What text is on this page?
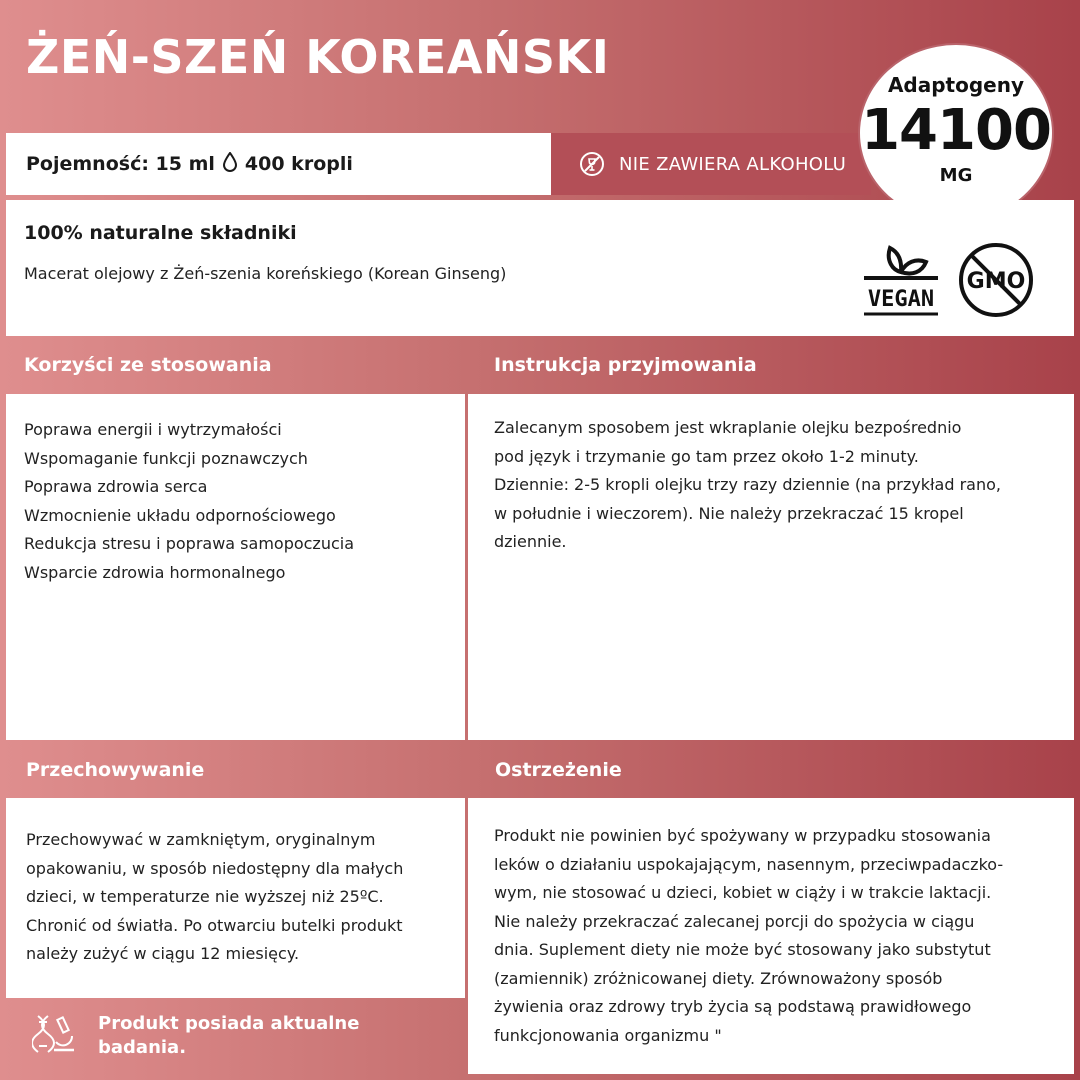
ŻEŃ-SZEŃ KOREAŃSKI
Pojemność: 15 ml 400 kropli	NIE ZAWIERA ALKOHOLU
Adaptogeny
14100
MG
100% naturalne składniki

Macerat olejowy z Żeń-szenia koreńskiego (Korean Ginseng)

VEGAN
GMO
Korzyści ze stosowania
Poprawa energii i wytrzymałości
Wspomaganie funkcji poznawczych
Poprawa zdrowia serca
Wzmocnienie układu odpornościowego
Redukcja stresu i poprawa samopoczucia
Wsparcie zdrowia hormonalnego
Instrukcja przyjmowania

Zalecanym sposobem jest wkraplanie olejku bezpośrednio

pod język i trzymanie go tam przez około 1-2 minuty.

Dziennie: 2-5 kropli olejku trzy razy dziennie (na przykład rano,

w południe i wieczorem). Nie należy przekraczać 15 kropel

dziennie.

Przechowywanie

Przechowywać w zamkniętym, oryginalnym

opakowaniu, w sposób niedostępny dla małych

dzieci, w temperaturze nie wyższej niż 25ºC.

Chronić od światła. Po otwarciu butelki produkt

należy zużyć w ciągu 12 miesięcy.

Ostrzeżenie

Produkt nie powinien być spożywany w przypadku stosowania

leków o działaniu uspokajającym, nasennym, przeciwpadaczko-

wym, nie stosować u dzieci, kobiet w ciąży i w trakcie laktacji.

Nie należy przekraczać zalecanej porcji do spożycia w ciągu

dnia. Suplement diety nie może być stosowany jako substytut

(zamiennik) zróżnicowanej diety. Zrównoważony sposób

żywienia oraz zdrowy tryb życia są podstawą prawidłowego

funkcjonowania organizmu "

Produkt posiada aktualne badania.
